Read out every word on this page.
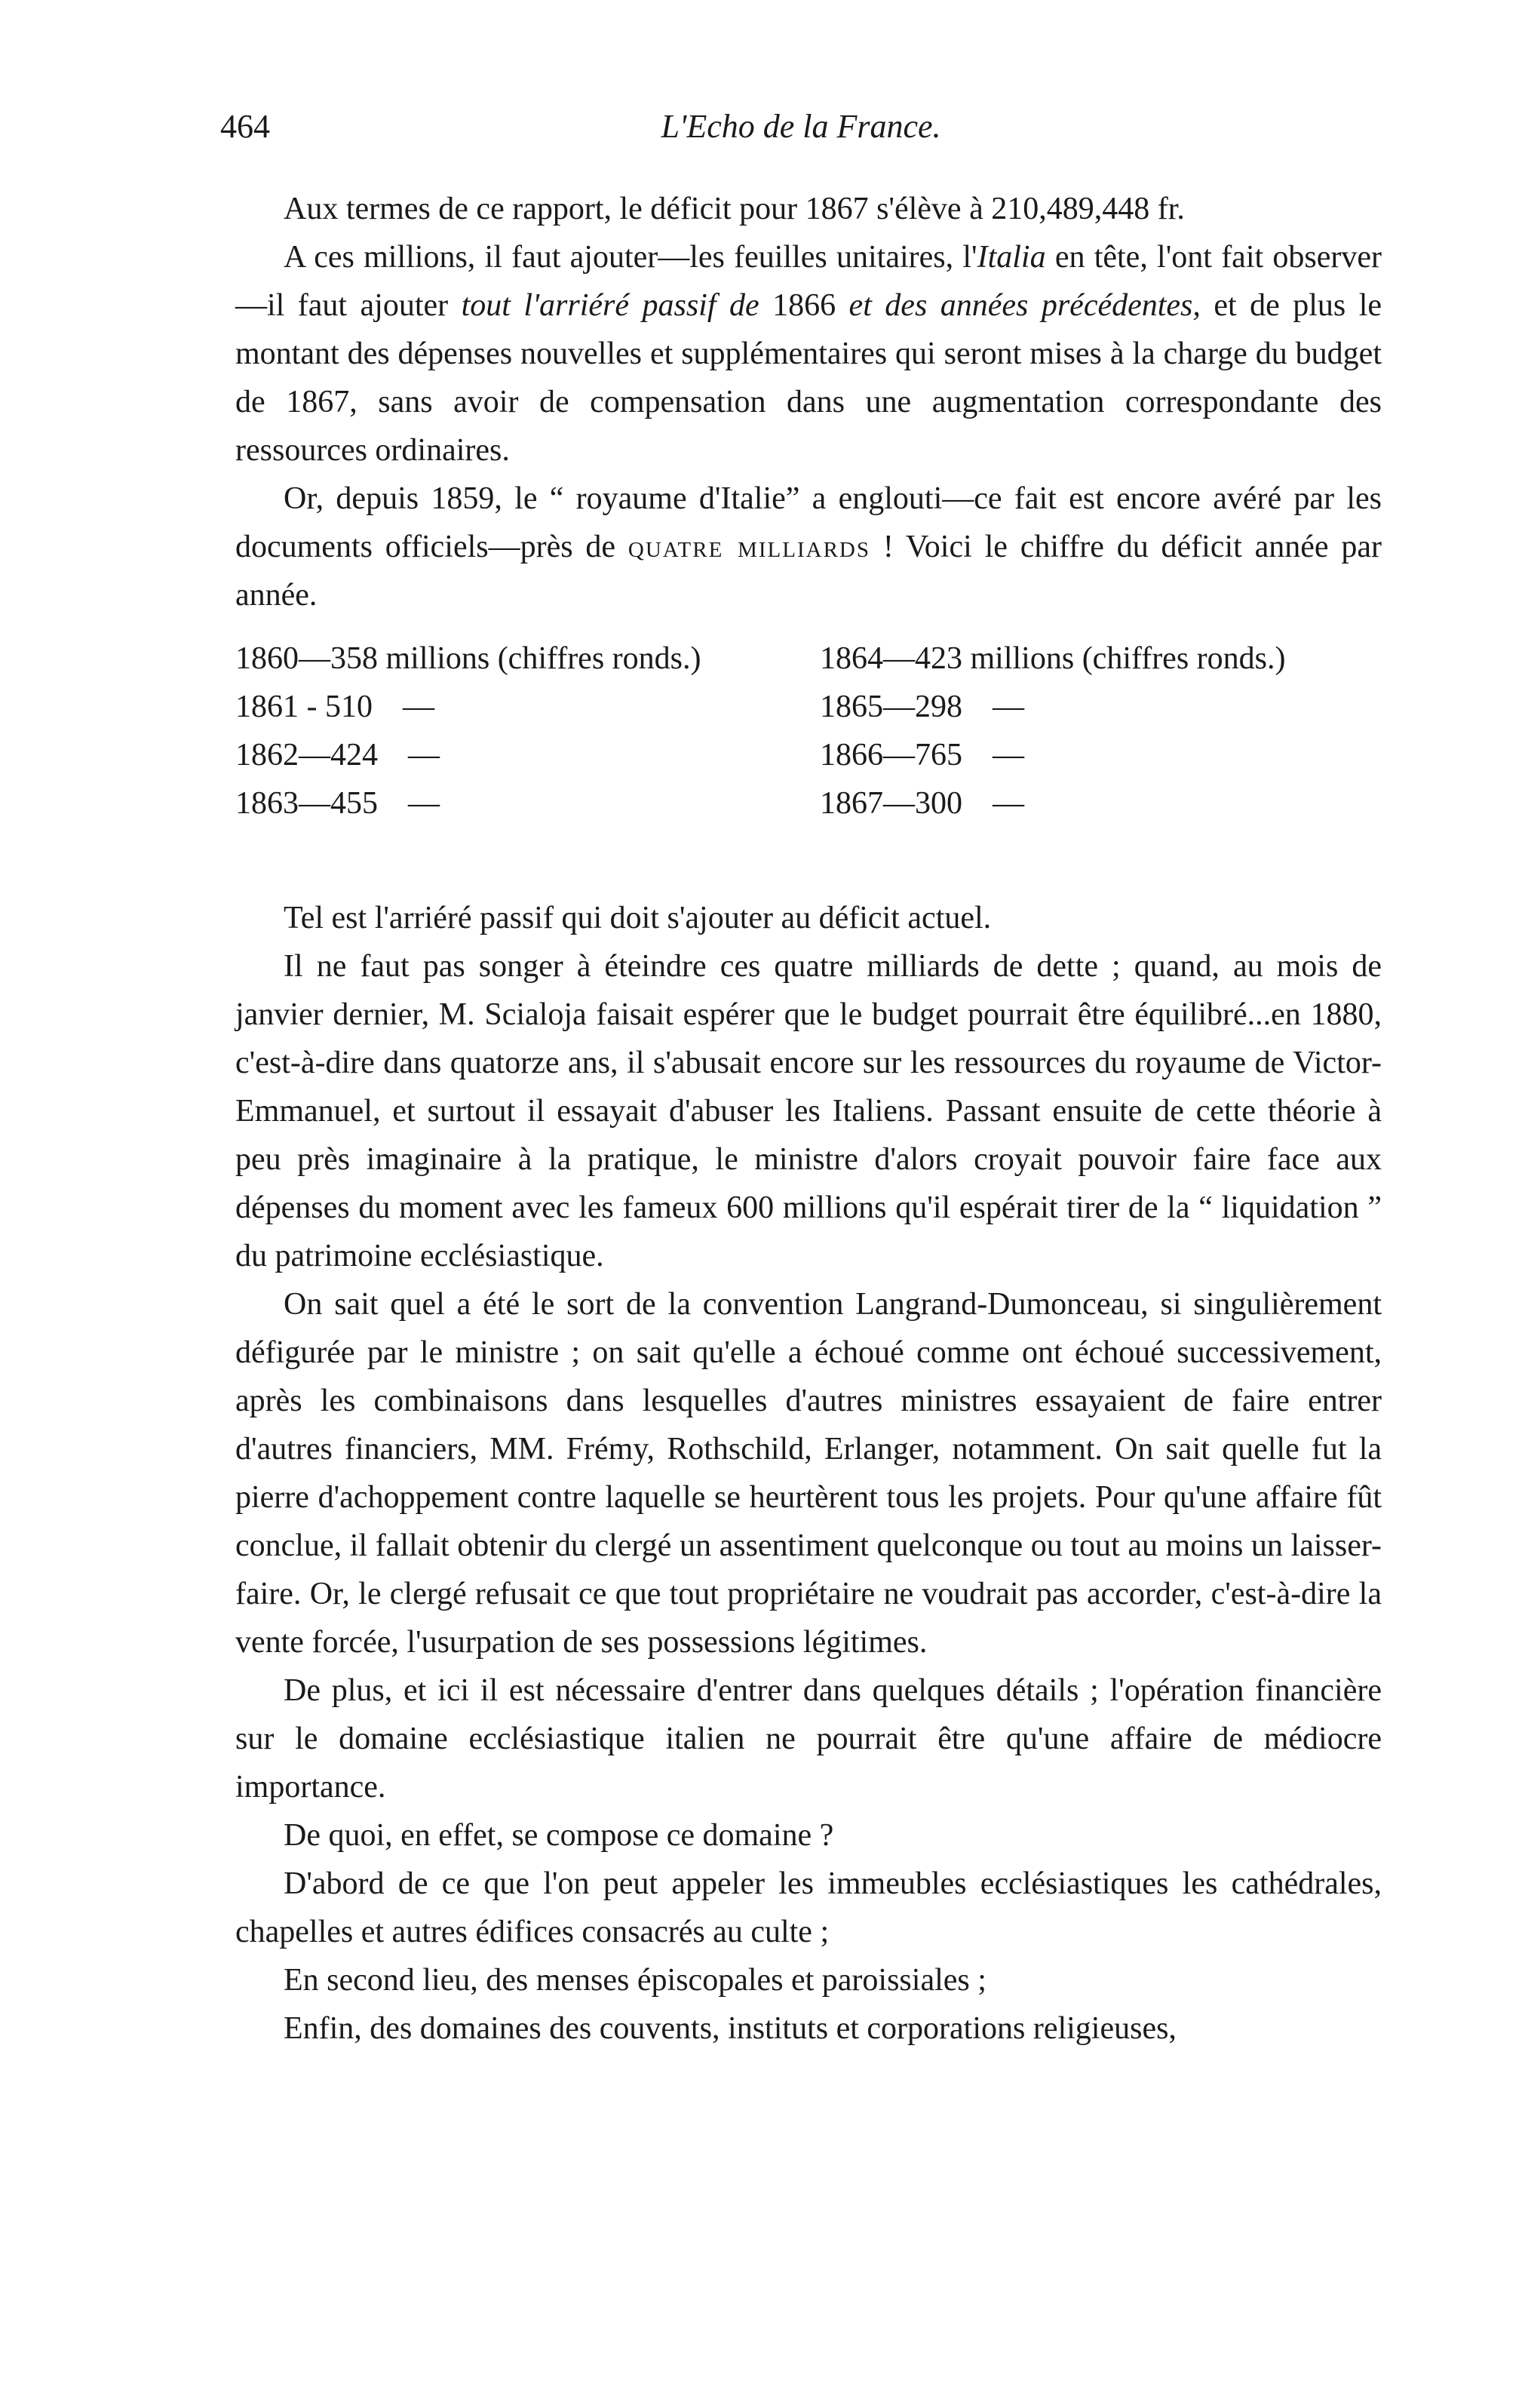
464	L'Echo de la France.

Aux termes de ce rapport, le déficit pour 1867 s'élève à 210,489,448 fr.

A ces millions, il faut ajouter—les feuilles unitaires, l'Italia en tête, l'ont fait observer—il faut ajouter tout l'arriéré passif de 1866 et des années précédentes, et de plus le montant des dépenses nouvelles et supplémentaires qui seront mises à la charge du budget de 1867, sans avoir de compensation dans une augmentation correspondante des ressources ordinaires.

Or, depuis 1859, le “ royaume d'Italie” a englouti—ce fait est encore avéré par les documents officiels—près de quatre milliards ! Voici le chiffre du déficit année par année.

1860—358 millions (chiffres ronds.)
1861 - 510 —
1862—424 —
1863—455 —
1864—423 millions (chiffres ronds.)
1865—298 —
1866—765 —
1867—300 —

Tel est l'arriéré passif qui doit s'ajouter au déficit actuel.

Il ne faut pas songer à éteindre ces quatre milliards de dette ; quand, au mois de janvier dernier, M. Scialoja faisait espérer que le budget pourrait être équilibré...en 1880, c'est-à-dire dans quatorze ans, il s'abusait encore sur les ressources du royaume de Victor-Emmanuel, et surtout il essayait d'abuser les Italiens. Passant ensuite de cette théorie à peu près imaginaire à la pratique, le ministre d'alors croyait pouvoir faire face aux dépenses du moment avec les fameux 600 millions qu'il espérait tirer de la “ liquidation ” du patrimoine ecclésiastique.

On sait quel a été le sort de la convention Langrand-Dumonceau, si singulièrement défigurée par le ministre ; on sait qu'elle a échoué comme ont échoué successivement, après les combinaisons dans lesquelles d'autres ministres essayaient de faire entrer d'autres financiers, MM. Frémy, Rothschild, Erlanger, notamment. On sait quelle fut la pierre d'achoppement contre laquelle se heurtèrent tous les projets. Pour qu'une affaire fût conclue, il fallait obtenir du clergé un assentiment quelconque ou tout au moins un laisser-faire. Or, le clergé refusait ce que tout propriétaire ne voudrait pas accorder, c'est-à-dire la vente forcée, l'usurpation de ses possessions légitimes.

De plus, et ici il est nécessaire d'entrer dans quelques détails ; l'opération financière sur le domaine ecclésiastique italien ne pourrait être qu'une affaire de médiocre importance.

De quoi, en effet, se compose ce domaine ?

D'abord de ce que l'on peut appeler les immeubles ecclésiastiques les cathédrales, chapelles et autres édifices consacrés au culte ;

En second lieu, des menses épiscopales et paroissiales ;

Enfin, des domaines des couvents, instituts et corporations religieuses,
